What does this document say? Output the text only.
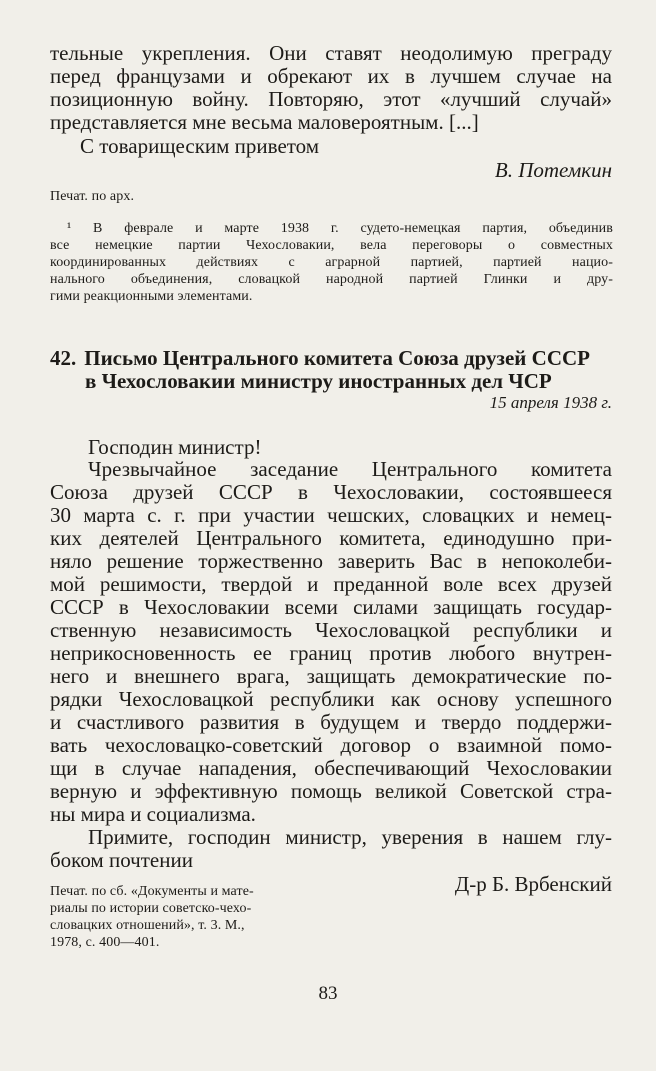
тельные укрепления. Они ставят неодолимую преграду
перед французами и обрекают их в лучшем случае на
позиционную войну. Повторяю, этот «лучший случай»
представляется мне весьма маловероятным. [...]
С товарищеским приветом
В. Потемкин
Печат. по арх.
¹ В феврале и марте 1938 г. судето-немецкая партия, объединив
все немецкие партии Чехословакии, вела переговоры о совместных
координированных действиях с аграрной партией, партией нацио-
нального объединения, словацкой народной партией Глинки и дру-
гими реакционными элементами.
42. Письмо Центрального комитета Союза друзей СССР
в Чехословакии министру иностранных дел ЧСР
15 апреля 1938 г.
Господин министр!
Чрезвычайное заседание Центрального комитета
Союза друзей СССР в Чехословакии, состоявшееся
30 марта с. г. при участии чешских, словацких и немец-
ких деятелей Центрального комитета, единодушно при-
няло решение торжественно заверить Вас в непоколеби-
мой решимости, твердой и преданной воле всех друзей
СССР в Чехословакии всеми силами защищать государ-
ственную независимость Чехословацкой республики и
неприкосновенность ее границ против любого внутрен-
него и внешнего врага, защищать демократические по-
рядки Чехословацкой республики как основу успешного
и счастливого развития в будущем и твердо поддержи-
вать чехословацко-советский договор о взаимной помо-
щи в случае нападения, обеспечивающий Чехословакии
верную и эффективную помощь великой Советской стра-
ны мира и социализма.
Примите, господин министр, уверения в нашем глу-
боком почтении
Д-р Б. Врбенский
Печат. по сб. «Документы и мате-
риалы по истории советско-чехо-
словацких отношений», т. 3. М.,
1978, с. 400—401.
83
